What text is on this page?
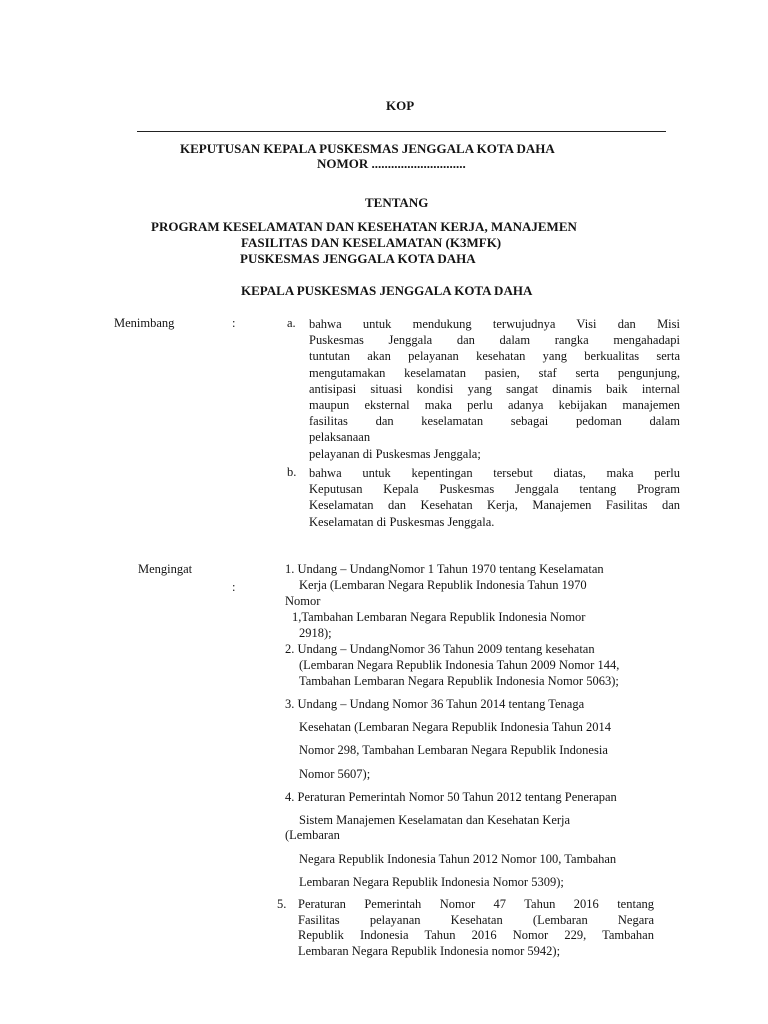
KOP
KEPUTUSAN KEPALA PUSKESMAS JENGGALA KOTA DAHA
NOMOR .............................
TENTANG
PROGRAM KESELAMATAN DAN KESEHATAN KERJA, MANAJEMEN
FASILITAS DAN KESELAMATAN (K3MFK)
PUSKESMAS JENGGALA KOTA DAHA
KEPALA PUSKESMAS JENGGALA KOTA DAHA
Menimbang	:	a. bahwa untuk mendukung terwujudnya Visi dan Misi
Puskesmas Jenggala dan dalam rangka mengahadapi
tuntutan akan pelayanan kesehatan yang berkualitas serta
mengutamakan keselamatan pasien, staf serta pengunjung,
antisipasi situasi kondisi yang sangat dinamis baik internal
maupun eksternal maka perlu adanya kebijakan manajemen
fasilitas dan keselamatan sebagai pedoman dalam
pelaksanaan
pelayanan di Puskesmas Jenggala;
b. bahwa untuk kepentingan tersebut diatas, maka perlu
Keputusan Kepala Puskesmas Jenggala tentang Program
Keselamatan dan Kesehatan Kerja, Manajemen Fasilitas dan
Keselamatan di Puskesmas Jenggala.
Mengingat
:
1. Undang – UndangNomor 1 Tahun 1970 tentang Keselamatan
Kerja (Lembaran Negara Republik Indonesia Tahun 1970
Nomor
1,Tambahan Lembaran Negara Republik Indonesia Nomor
2918);
2. Undang – UndangNomor 36 Tahun 2009 tentang kesehatan
(Lembaran Negara Republik Indonesia Tahun 2009 Nomor 144,
Tambahan Lembaran Negara Republik Indonesia Nomor 5063);
3. Undang – Undang Nomor 36 Tahun 2014 tentang Tenaga
Kesehatan (Lembaran Negara Republik Indonesia Tahun 2014
Nomor 298, Tambahan Lembaran Negara Republik Indonesia
Nomor 5607);
4. Peraturan Pemerintah Nomor 50 Tahun 2012 tentang Penerapan
Sistem Manajemen Keselamatan dan Kesehatan Kerja
(Lembaran
Negara Republik Indonesia Tahun 2012 Nomor 100, Tambahan
Lembaran Negara Republik Indonesia Nomor 5309);
5. Peraturan Pemerintah Nomor 47 Tahun 2016 tentang
Fasilitas pelayanan Kesehatan (Lembaran Negara
Republik Indonesia Tahun 2016 Nomor 229, Tambahan
Lembaran Negara Republik Indonesia nomor 5942);
